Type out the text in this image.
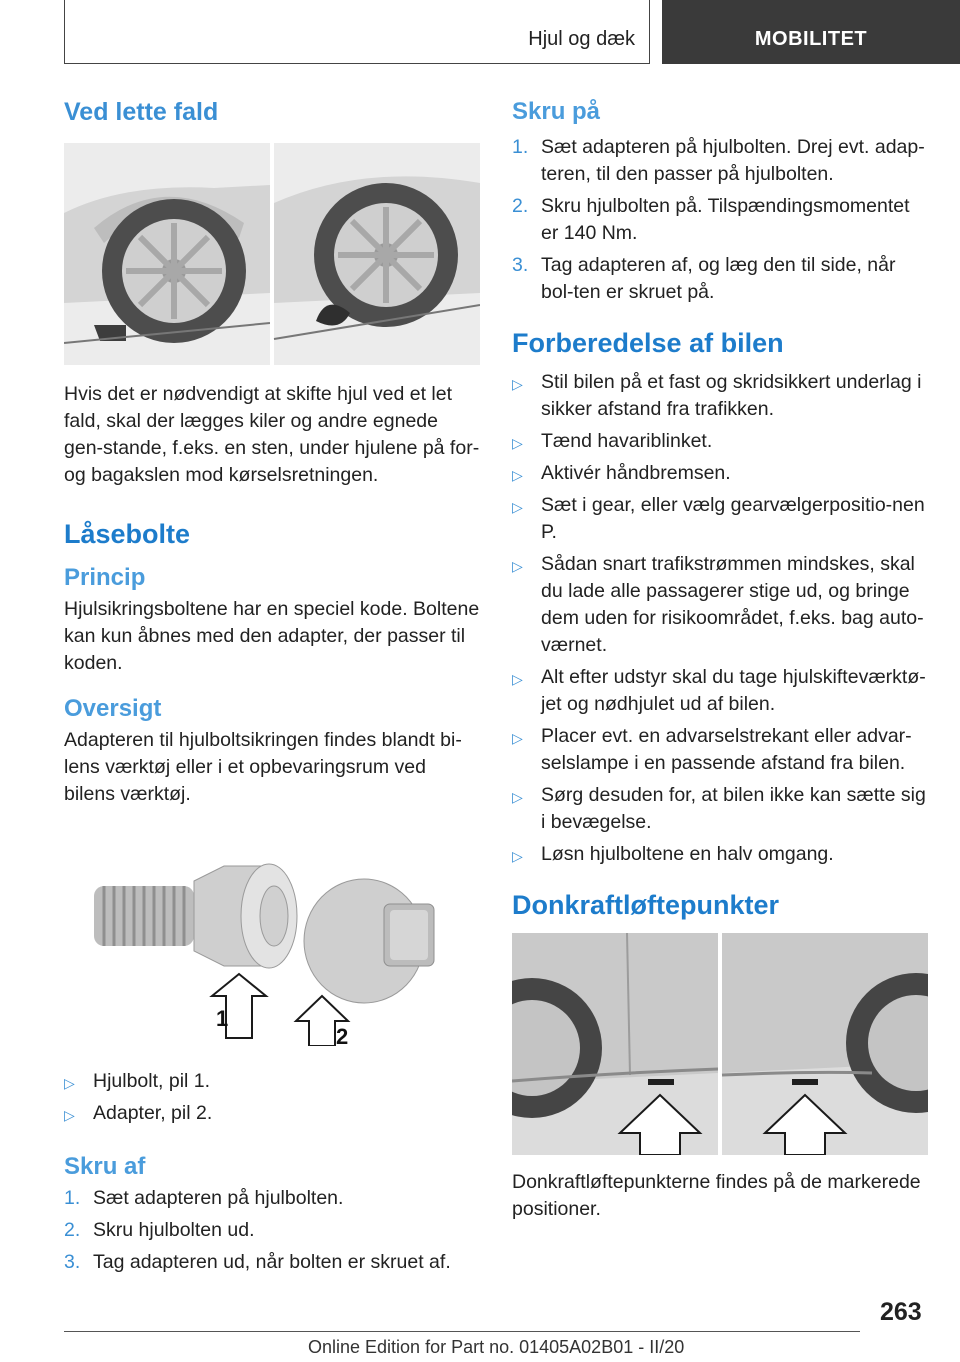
Hjul og dæk	MOBILITET
Ved lette fald

Hvis det er nødvendigt at skifte hjul ved et let fald, skal der lægges kiler og andre egnede gen-stande, f.eks. en sten, under hjulene på for- og bagakslen mod kørselsretningen.

Låsebolte
Princip

Hjulsikringsboltene har en speciel kode. Boltene kan kun åbnes med den adapter, der passer til koden.

Oversigt

Adapteren til hjulboltsikringen findes blandt bi-lens værktøj eller i et opbevaringsrum ved bilens værktøj.

1
2
▷ Hjulbolt, pil 1.
▷ Adapter, pil 2.
Skru af
1. Sæt adapteren på hjulbolten.
2. Skru hjulbolten ud.
3. Tag adapteren ud, når bolten er skruet af.
Skru på
1. Sæt adapteren på hjulbolten. Drej evt. adap-teren, til den passer på hjulbolten.
2. Skru hjulbolten på. Tilspændingsmomentet er 140 Nm.
3. Tag adapteren af, og læg den til side, når bol-ten er skruet på.
Forberedelse af bilen
▷ Stil bilen på et fast og skridsikkert underlag i sikker afstand fra trafikken.
▷ Tænd havariblinket.
▷ Aktivér håndbremsen.
▷ Sæt i gear, eller vælg gearvælgerpositio-nen P.
▷ Sådan snart trafikstrømmen mindskes, skal du lade alle passagerer stige ud, og bringe dem uden for risikoområdet, f.eks. bag auto-værnet.
▷ Alt efter udstyr skal du tage hjulskifteværktø-jet og nødhjulet ud af bilen.
▷ Placer evt. en advarselstrekant eller advar-selslampe i en passende afstand fra bilen.
▷ Sørg desuden for, at bilen ikke kan sætte sig i bevægelse.
▷ Løsn hjulboltene en halv omgang.
Donkraftløftepunkter

Donkraftløftepunkterne findes på de markerede positioner.

263
Online Edition for Part no. 01405A02B01 - II/20
